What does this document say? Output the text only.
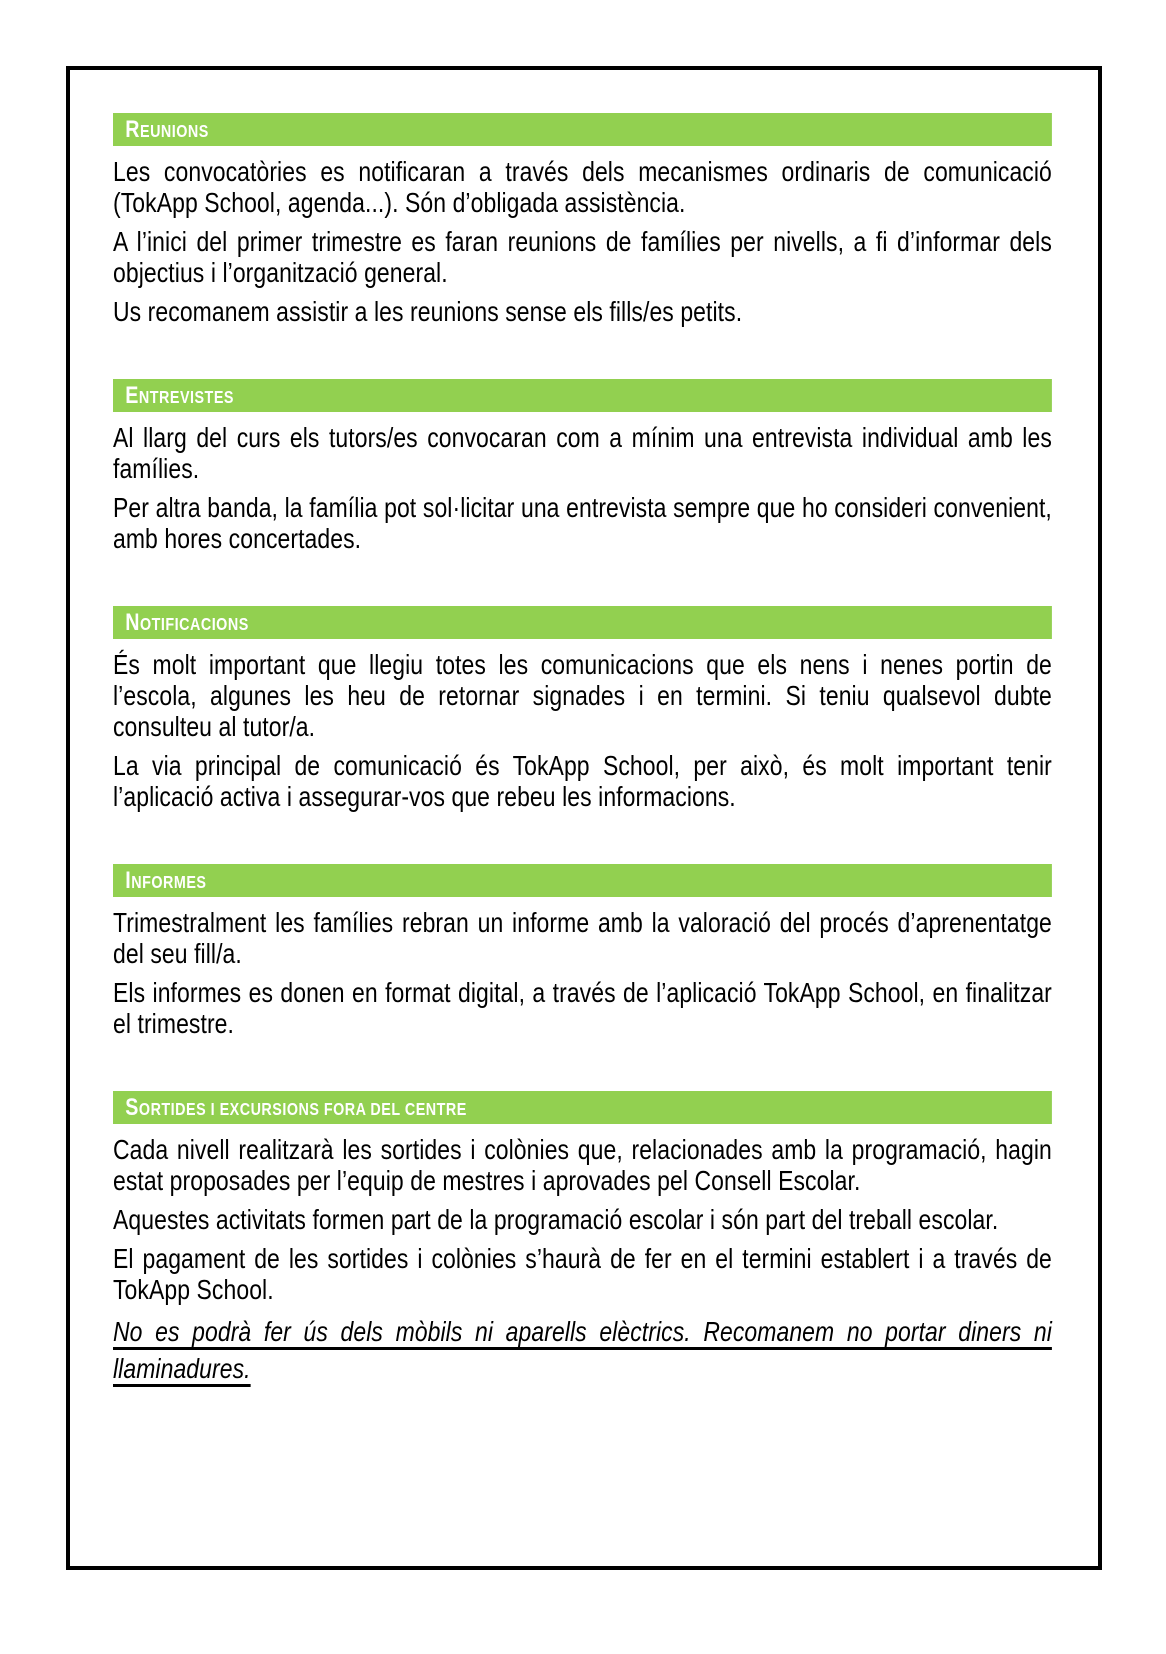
REUNIONS

Les convocatòries es notificaran a través dels mecanismes ordinaris de comunicació (TokApp School, agenda...). Són d’obligada assistència.

A l’inici del primer trimestre es faran reunions de famílies per nivells, a fi d’informar dels objectius i l’organització general.

Us recomanem assistir a les reunions sense els fills/es petits.

ENTREVISTES

Al llarg del curs els tutors/es convocaran com a mínim una entrevista individual amb les famílies.

Per altra banda, la família pot sol·licitar una entrevista sempre que ho consideri convenient, amb hores concertades.

NOTIFICACIONS

És molt important que llegiu totes les comunicacions que els nens i nenes portin de l’escola, algunes les heu de retornar signades i en termini. Si teniu qualsevol dubte consulteu al tutor/a.

La via principal de comunicació és TokApp School, per això, és molt important tenir l’aplicació activa i assegurar-vos que rebeu les informacions.

INFORMES

Trimestralment les famílies rebran un informe amb la valoració del procés d’aprenentatge del seu fill/a.

Els informes es donen en format digital, a través de l’aplicació TokApp School, en finalitzar el trimestre.

SORTIDES I EXCURSIONS FORA DEL CENTRE

Cada nivell realitzarà les sortides i colònies que, relacionades amb la programació, hagin estat proposades per l’equip de mestres i aprovades pel Consell Escolar.

Aquestes activitats formen part de la programació escolar i són part del treball escolar.

El pagament de les sortides i colònies s’haurà de fer en el termini establert i a través de TokApp School.

No es podrà fer ús dels mòbils ni aparells elèctrics. Recomanem no portar diners ni llaminadures.
